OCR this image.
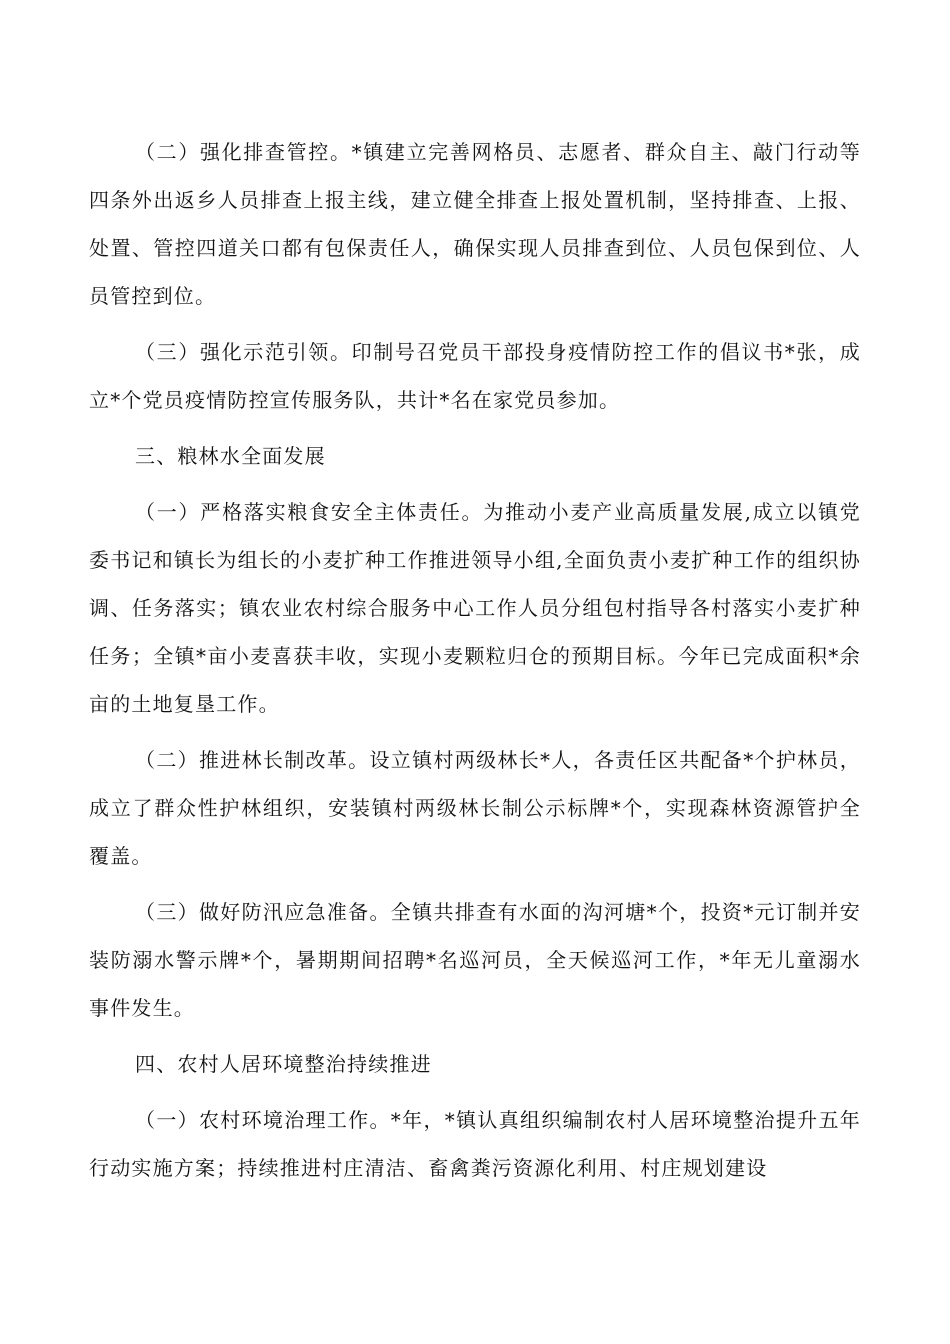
（二）强化排查管控。*镇建立完善网格员、志愿者、群众自主、敲门行动等四条外出返乡人员排查上报主线，建立健全排查上报处置机制，坚持排查、上报、处置、管控四道关口都有包保责任人，确保实现人员排查到位、人员包保到位、人员管控到位。

（三）强化示范引领。印制号召党员干部投身疫情防控工作的倡议书*张，成立*个党员疫情防控宣传服务队，共计*名在家党员参加。

三、粮林水全面发展

（一）严格落实粮食安全主体责任。为推动小麦产业高质量发展,成立以镇党委书记和镇长为组长的小麦扩种工作推进领导小组,全面负责小麦扩种工作的组织协调、任务落实；镇农业农村综合服务中心工作人员分组包村指导各村落实小麦扩种任务；全镇*亩小麦喜获丰收，实现小麦颗粒归仓的预期目标。今年已完成面积*余亩的土地复垦工作。

（二）推进林长制改革。设立镇村两级林长*人，各责任区共配备*个护林员，成立了群众性护林组织，安装镇村两级林长制公示标牌*个，实现森林资源管护全覆盖。

（三）做好防汛应急准备。全镇共排查有水面的沟河塘*个，投资*元订制并安装防溺水警示牌*个，暑期期间招聘*名巡河员，全天候巡河工作，*年无儿童溺水事件发生。

四、农村人居环境整治持续推进

（一）农村环境治理工作。*年，*镇认真组织编制农村人居环境整治提升五年行动实施方案；持续推进村庄清洁、畜禽粪污资源化利用、村庄规划建设
